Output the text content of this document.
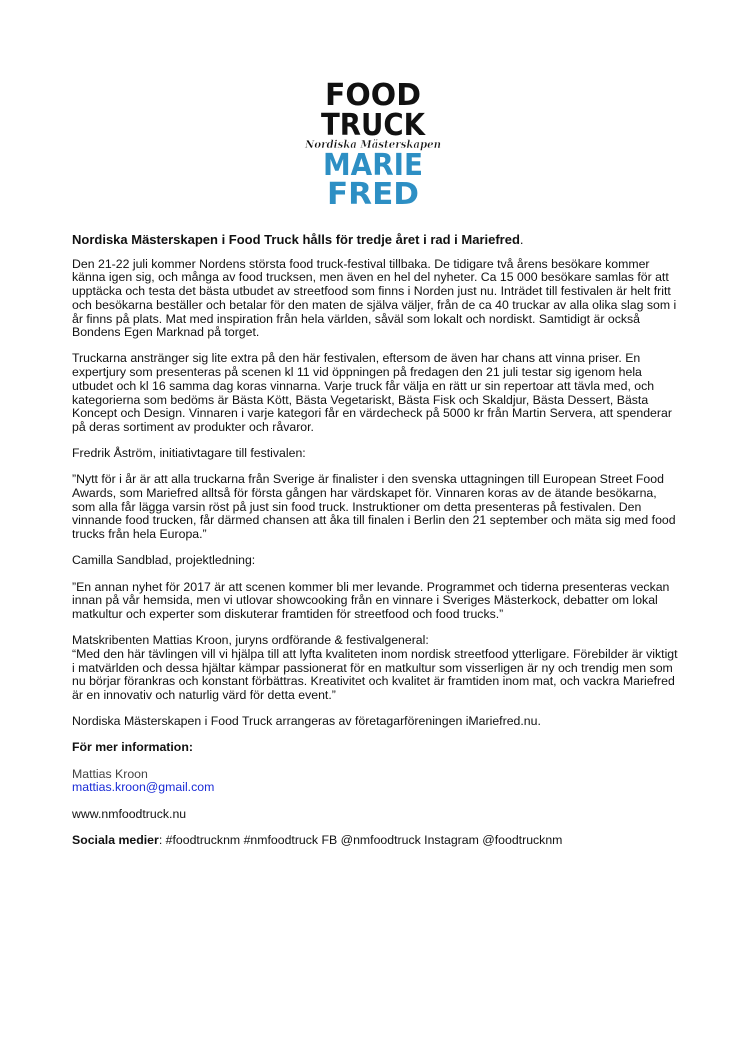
FOOD
TRUCK
Nordiska Mästerskapen
MARIE
FRED

Nordiska Mästerskapen i Food Truck hålls för tredje året i rad i Mariefred.

Den 21-22 juli kommer Nordens största food truck-festival tillbaka. De tidigare två årens besökare kommer känna igen sig, och många av food trucksen, men även en hel del nyheter. Ca 15 000 besökare samlas för att upptäcka och testa det bästa utbudet av streetfood som finns i Norden just nu. Inträdet till festivalen är helt fritt och besökarna beställer och betalar för den maten de själva väljer, från de ca 40 truckar av alla olika slag som i år finns på plats. Mat med inspiration från hela världen, såväl som lokalt och nordiskt. Samtidigt är också Bondens Egen Marknad på torget.

Truckarna anstränger sig lite extra på den här festivalen, eftersom de även har chans att vinna priser. En expertjury som presenteras på scenen kl 11 vid öppningen på fredagen den 21 juli testar sig igenom hela utbudet och kl 16 samma dag koras vinnarna. Varje truck får välja en rätt ur sin repertoar att tävla med, och kategorierna som bedöms är Bästa Kött, Bästa Vegetariskt, Bästa Fisk och Skaldjur, Bästa Dessert, Bästa Koncept och Design. Vinnaren i varje kategori får en värdecheck på 5000 kr från Martin Servera, att spenderar på deras sortiment av produkter och råvaror.

Fredrik Åström, initiativtagare till festivalen:

”Nytt för i år är att alla truckarna från Sverige är finalister i den svenska uttagningen till European Street Food Awards, som Mariefred alltså för första gången har värdskapet för. Vinnaren koras av de ätande besökarna, som alla får lägga varsin röst på just sin food truck. Instruktioner om detta presenteras på festivalen. Den vinnande food trucken, får därmed chansen att åka till finalen i Berlin den 21 september och mäta sig med food trucks från hela Europa.”

Camilla Sandblad, projektledning:

”En annan nyhet för 2017 är att scenen kommer bli mer levande. Programmet och tiderna presenteras veckan innan på vår hemsida, men vi utlovar showcooking från en vinnare i Sveriges Mästerkock, debatter om lokal matkultur och experter som diskuterar framtiden för streetfood och food trucks.”

Matskribenten Mattias Kroon, juryns ordförande & festivalgeneral:
“Med den här tävlingen vill vi hjälpa till att lyfta kvaliteten inom nordisk streetfood ytterligare. Förebilder är viktigt i matvärlden och dessa hjältar kämpar passionerat för en matkultur som visserligen är ny och trendig men som nu börjar förankras och konstant förbättras. Kreativitet och kvalitet är framtiden inom mat, och vackra Mariefred är en innovativ och naturlig värd för detta event.”

Nordiska Mästerskapen i Food Truck arrangeras av företagarföreningen iMariefred.nu.

För mer information:

Mattias Kroon
mattias.kroon@gmail.com

www.nmfoodtruck.nu

Sociala medier: #foodtrucknm #nmfoodtruck FB @nmfoodtruck Instagram @foodtrucknm
